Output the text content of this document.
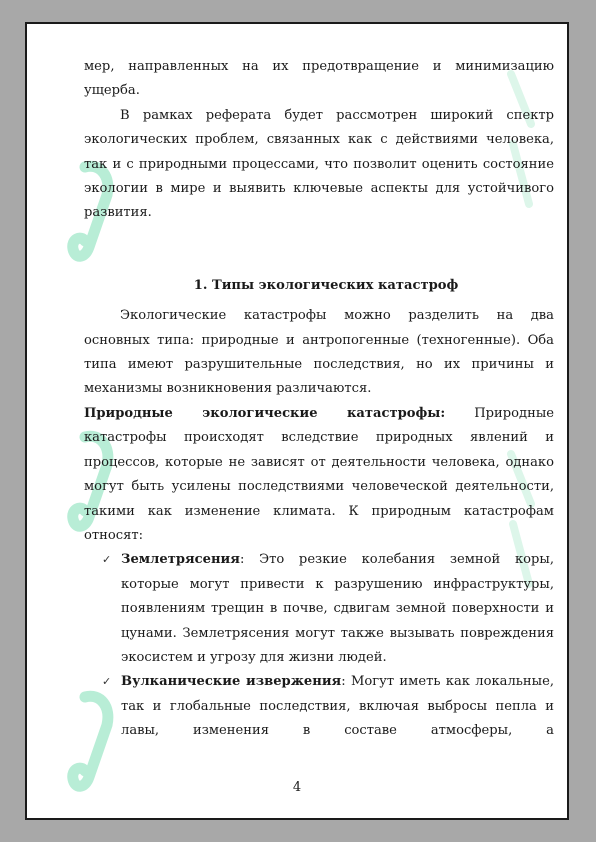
мер, направленных на их предотвращение и минимизацию ущерба.

В рамках реферата будет рассмотрен широкий спектр экологических проблем, связанных как с действиями человека, так и с природными процессами, что позволит оценить состояние экологии в мире и выявить ключевые аспекты для устойчивого развития.

1. Типы экологических катастроф

Экологические катастрофы можно разделить на два основных типа: природные и антропогенные (техногенные). Оба типа имеют разрушительные последствия, но их причины и механизмы возникновения различаются.

Природные экологические катастрофы: Природные катастрофы происходят вследствие природных явлений и процессов, которые не зависят от деятельности человека, однако могут быть усилены последствиями человеческой деятельности, такими как изменение климата. К природным катастрофам относят:

✓ Землетрясения: Это резкие колебания земной коры, которые могут привести к разрушению инфраструктуры, появлениям трещин в почве, сдвигам земной поверхности и цунами. Землетрясения могут также вызывать повреждения экосистем и угрозу для жизни людей.

✓ Вулканические извержения: Могут иметь как локальные, так и глобальные последствия, включая выбросы пепла и лавы, изменения в составе атмосферы, а

4
